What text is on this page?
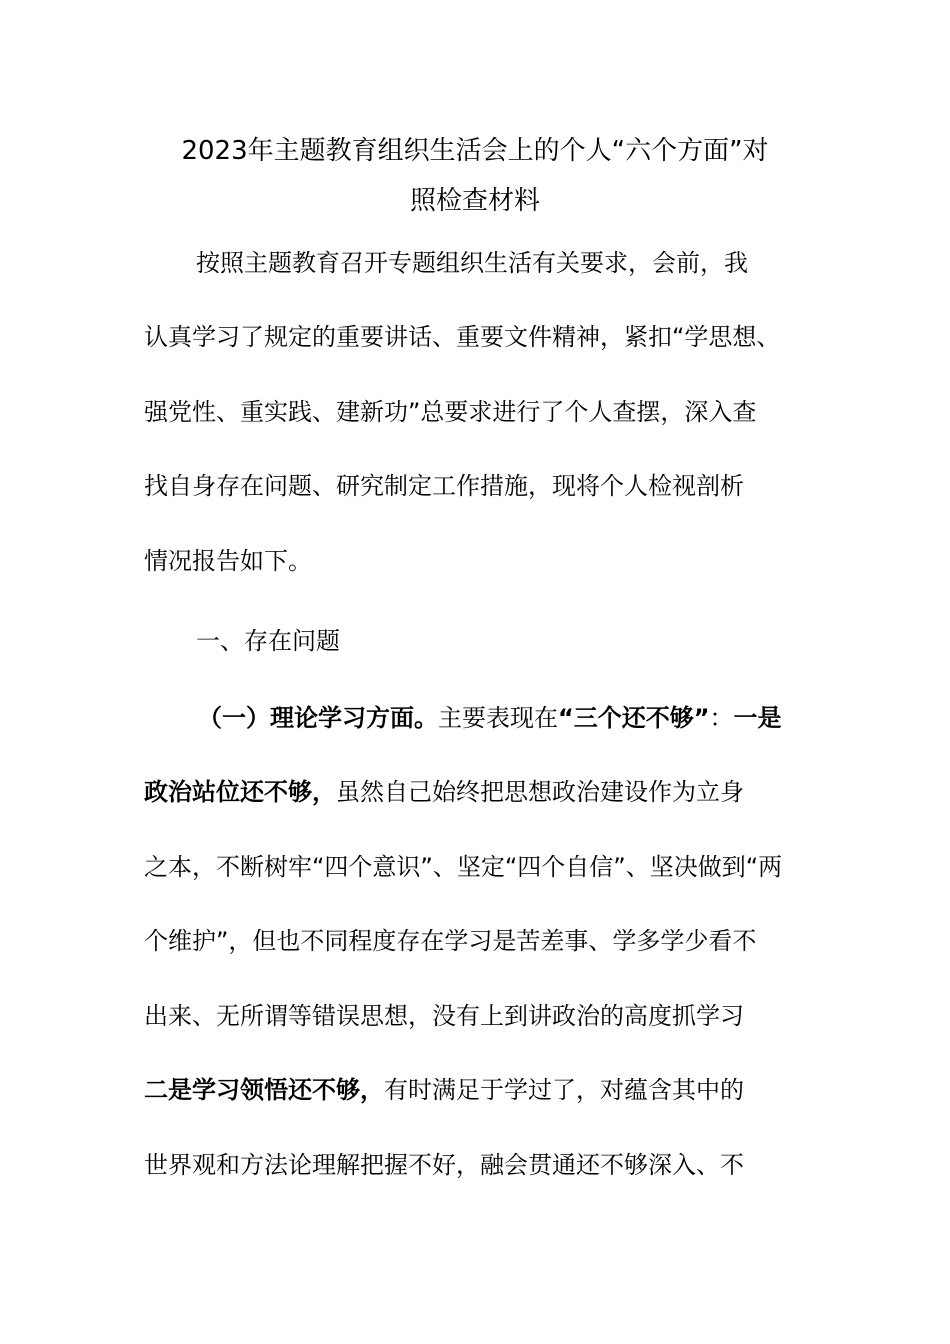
2023年主题教育组织生活会上的个人“六个方面”对
照检查材料
按照主题教育召开专题组织生活有关要求，会前，我
认真学习了规定的重要讲话、重要文件精神，紧扣“学思想、
强党性、重实践、建新功”总要求进行了个人查摆，深入查
找自身存在问题、研究制定工作措施，现将个人检视剖析
情况报告如下。
一、存在问题
（一）理论学习方面。主要表现在“三个还不够”：一是
政治站位还不够，虽然自己始终把思想政治建设作为立身
之本，不断树牢“四个意识”、坚定“四个自信”、坚决做到“两
个维护”，但也不同程度存在学习是苦差事、学多学少看不
出来、无所谓等错误思想，没有上到讲政治的高度抓学习
二是学习领悟还不够，有时满足于学过了，对蕴含其中的
世界观和方法论理解把握不好，融会贯通还不够深入、不
